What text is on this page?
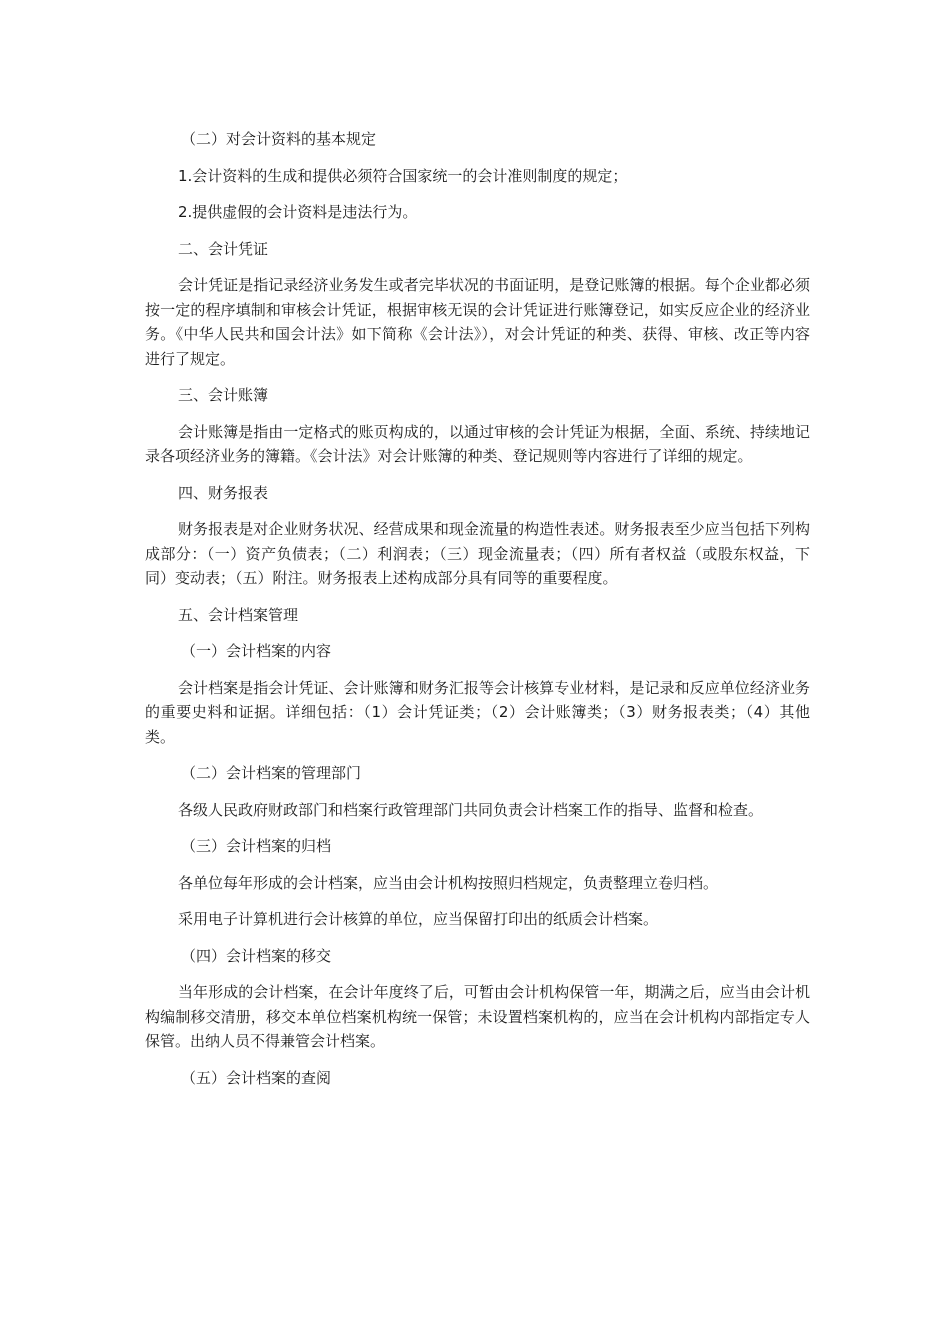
（二）对会计资料的基本规定

1.会计资料的生成和提供必须符合国家统一的会计准则制度的规定；

2.提供虚假的会计资料是违法行为。

二、会计凭证

会计凭证是指记录经济业务发生或者完毕状况的书面证明，是登记账簿的根据。每个企业都必须按一定的程序填制和审核会计凭证，根据审核无误的会计凭证进行账簿登记，如实反应企业的经济业务。《中华人民共和国会计法》如下简称《会计法》），对会计凭证的种类、获得、审核、改正等内容进行了规定。

三、会计账簿

会计账簿是指由一定格式的账页构成的，以通过审核的会计凭证为根据，全面、系统、持续地记录各项经济业务的簿籍。《会计法》对会计账簿的种类、登记规则等内容进行了详细的规定。

四、财务报表

财务报表是对企业财务状况、经营成果和现金流量的构造性表述。财务报表至少应当包括下列构成部分：（一）资产负债表；（二）利润表；（三）现金流量表；（四）所有者权益（或股东权益，下同）变动表；（五）附注。财务报表上述构成部分具有同等的重要程度。

五、会计档案管理

（一）会计档案的内容

会计档案是指会计凭证、会计账簿和财务汇报等会计核算专业材料，是记录和反应单位经济业务的重要史料和证据。详细包括：（1）会计凭证类；（2）会计账簿类；（3）财务报表类；（4）其他类。

（二）会计档案的管理部门

各级人民政府财政部门和档案行政管理部门共同负责会计档案工作的指导、监督和检查。

（三）会计档案的归档

各单位每年形成的会计档案，应当由会计机构按照归档规定，负责整理立卷归档。

采用电子计算机进行会计核算的单位，应当保留打印出的纸质会计档案。

（四）会计档案的移交

当年形成的会计档案，在会计年度终了后，可暂由会计机构保管一年，期满之后，应当由会计机构编制移交清册，移交本单位档案机构统一保管；未设置档案机构的，应当在会计机构内部指定专人保管。出纳人员不得兼管会计档案。

（五）会计档案的查阅
